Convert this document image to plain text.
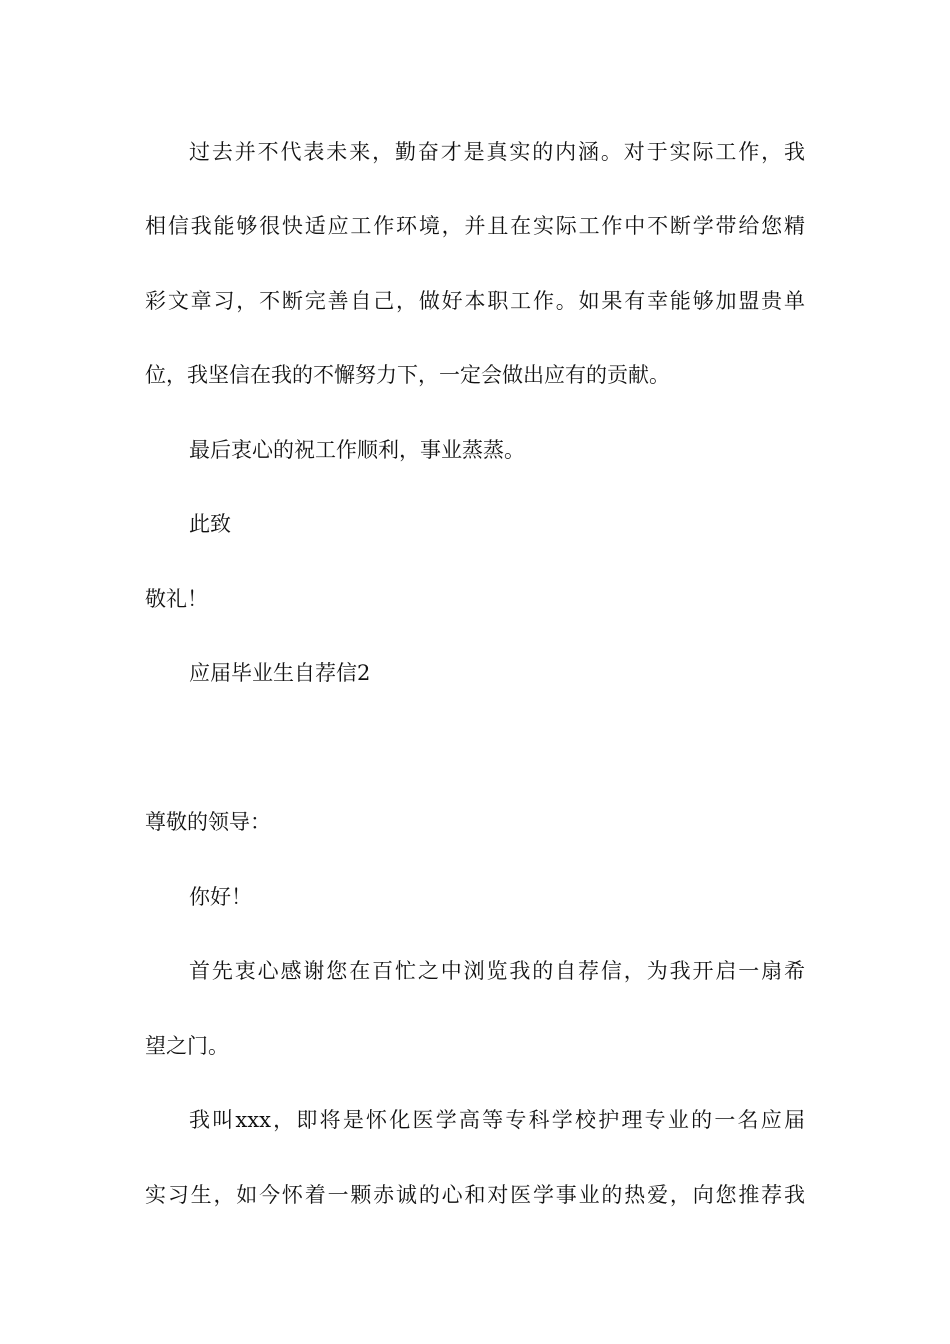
过去并不代表未来，勤奋才是真实的内涵。对于实际工作，我
相信我能够很快适应工作环境，并且在实际工作中不断学带给您精
彩文章习，不断完善自己，做好本职工作。如果有幸能够加盟贵单
位，我坚信在我的不懈努力下，一定会做出应有的贡献。
最后衷心的祝工作顺利，事业蒸蒸。
此致
敬礼！
应届毕业生自荐信2
尊敬的领导：
你好！
首先衷心感谢您在百忙之中浏览我的自荐信，为我开启一扇希
望之门。
我叫xxx，即将是怀化医学高等专科学校护理专业的一名应届
实习生，如今怀着一颗赤诚的心和对医学事业的热爱，向您推荐我
